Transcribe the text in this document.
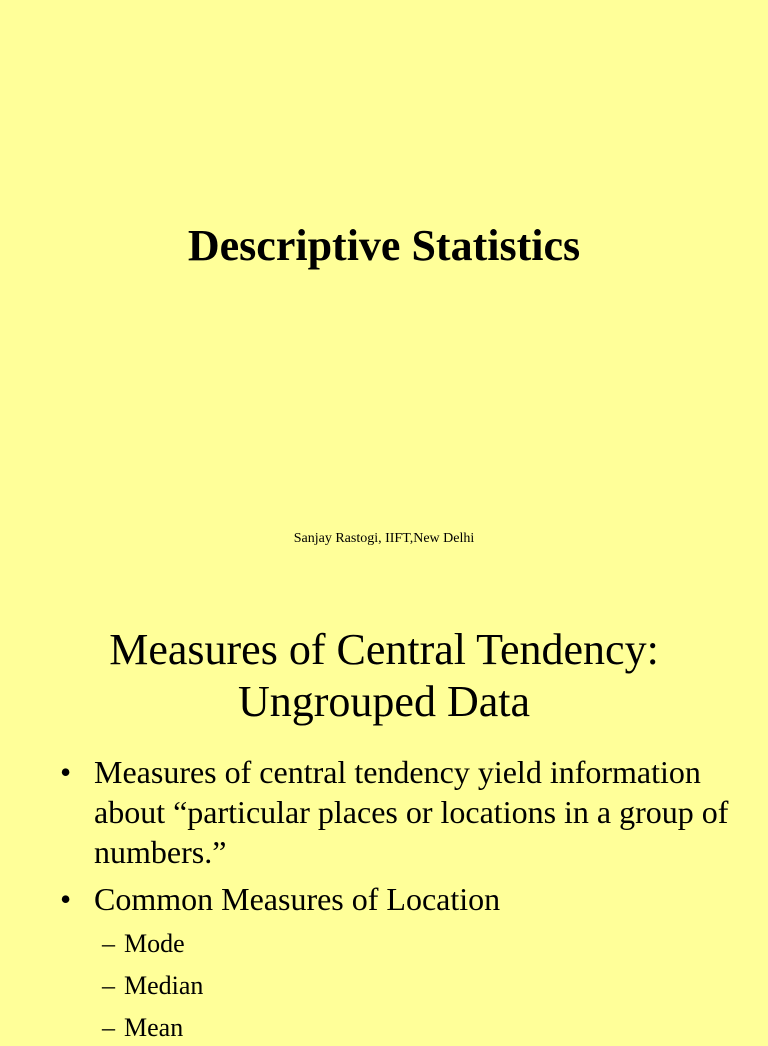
Descriptive Statistics
Sanjay Rastogi, IIFT,New Delhi
Measures of Central Tendency:
Ungrouped Data
• Measures of central tendency yield information about “particular places or locations in a group of numbers.”
• Common Measures of Location
– Mode
– Median
– Mean
